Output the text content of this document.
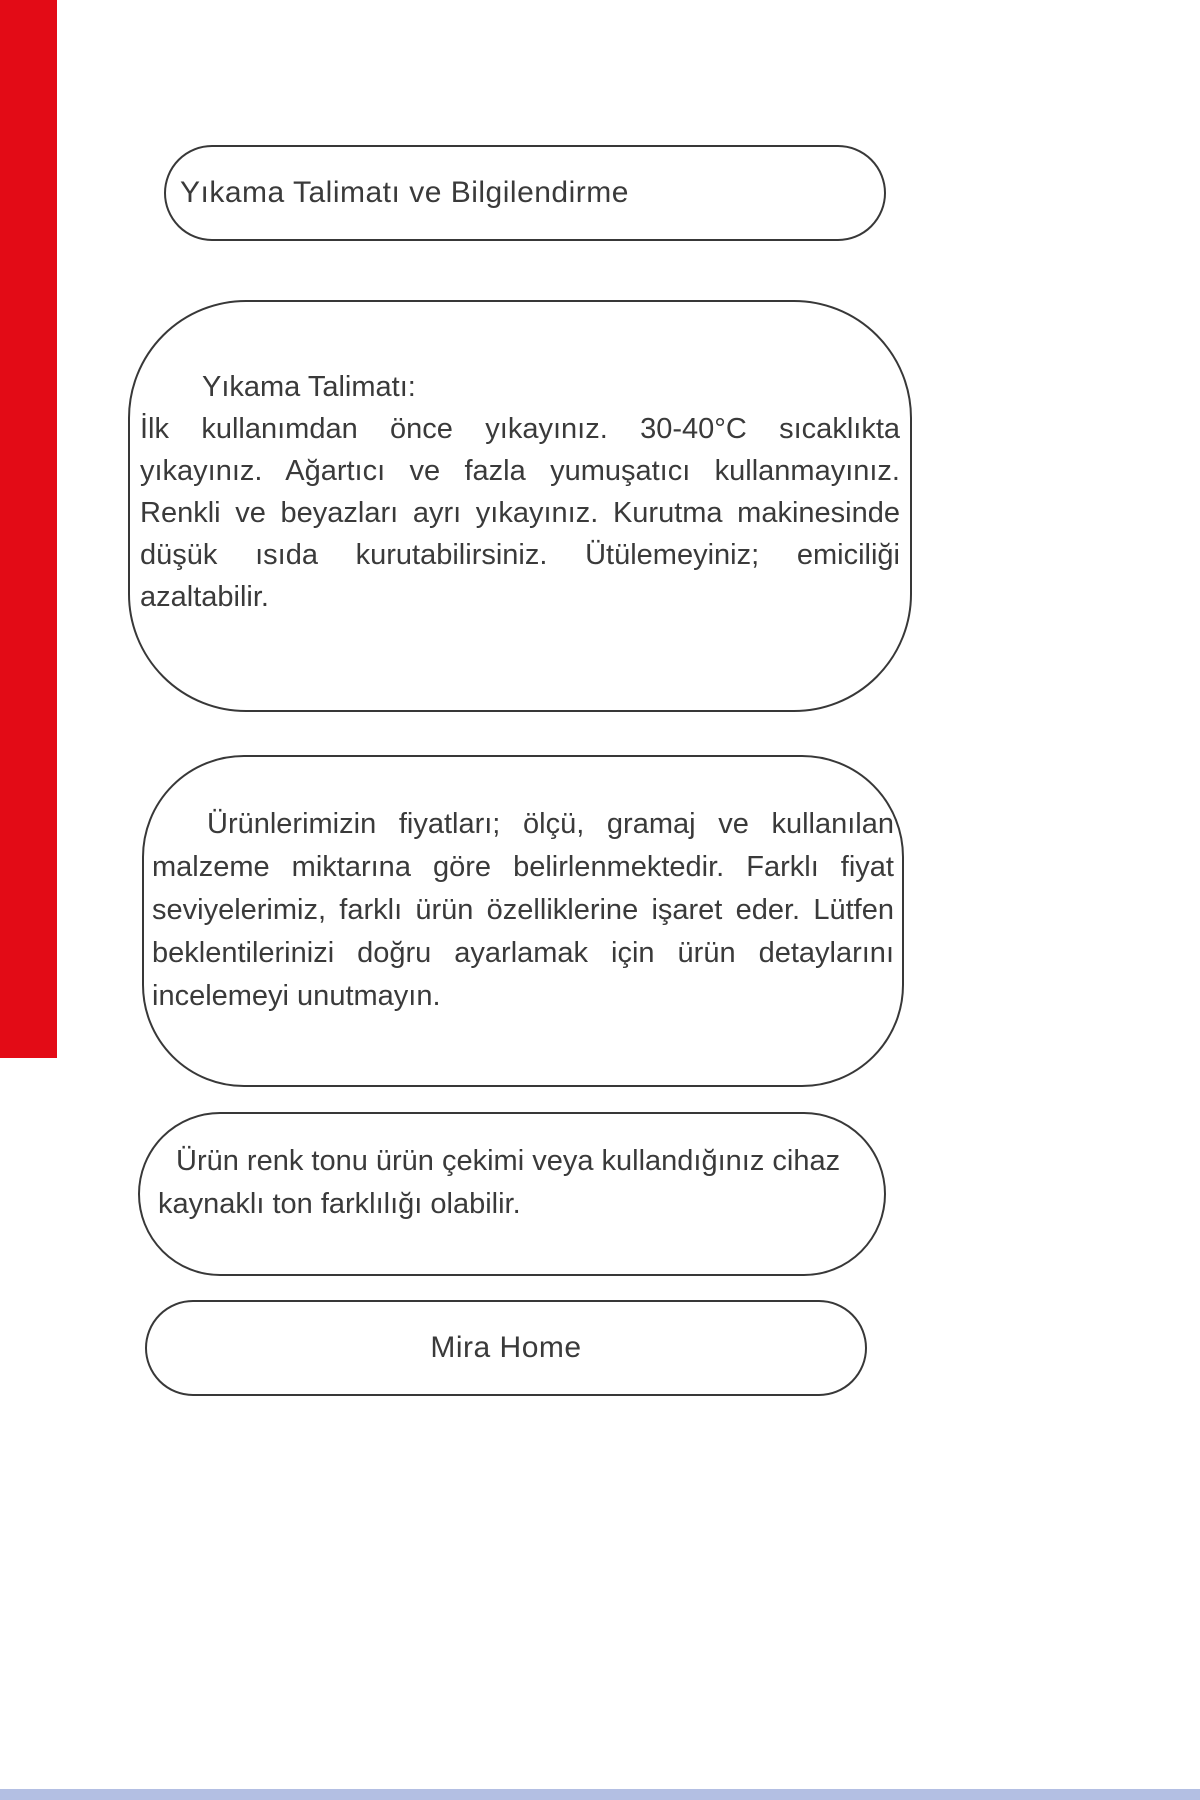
Yıkama Talimatı ve Bilgilendirme
Yıkama Talimatı:
İlk kullanımdan önce yıkayınız. 30-40°C sıcaklıkta yıkayınız. Ağartıcı ve fazla yumuşatıcı kullanmayınız. Renkli ve beyazları ayrı yıkayınız. Kurutma makinesinde düşük ısıda kurutabilirsiniz. Ütülemeyiniz; emiciliği azaltabilir.
Ürünlerimizin fiyatları; ölçü, gramaj ve kullanılan malzeme miktarına göre belirlenmektedir. Farklı fiyat seviyelerimiz, farklı ürün özelliklerine işaret eder. Lütfen beklentilerinizi doğru ayarlamak için ürün detaylarını incelemeyi unutmayın.
Ürün renk tonu ürün çekimi veya kullandığınız cihaz kaynaklı ton farklılığı olabilir.
Mira Home
